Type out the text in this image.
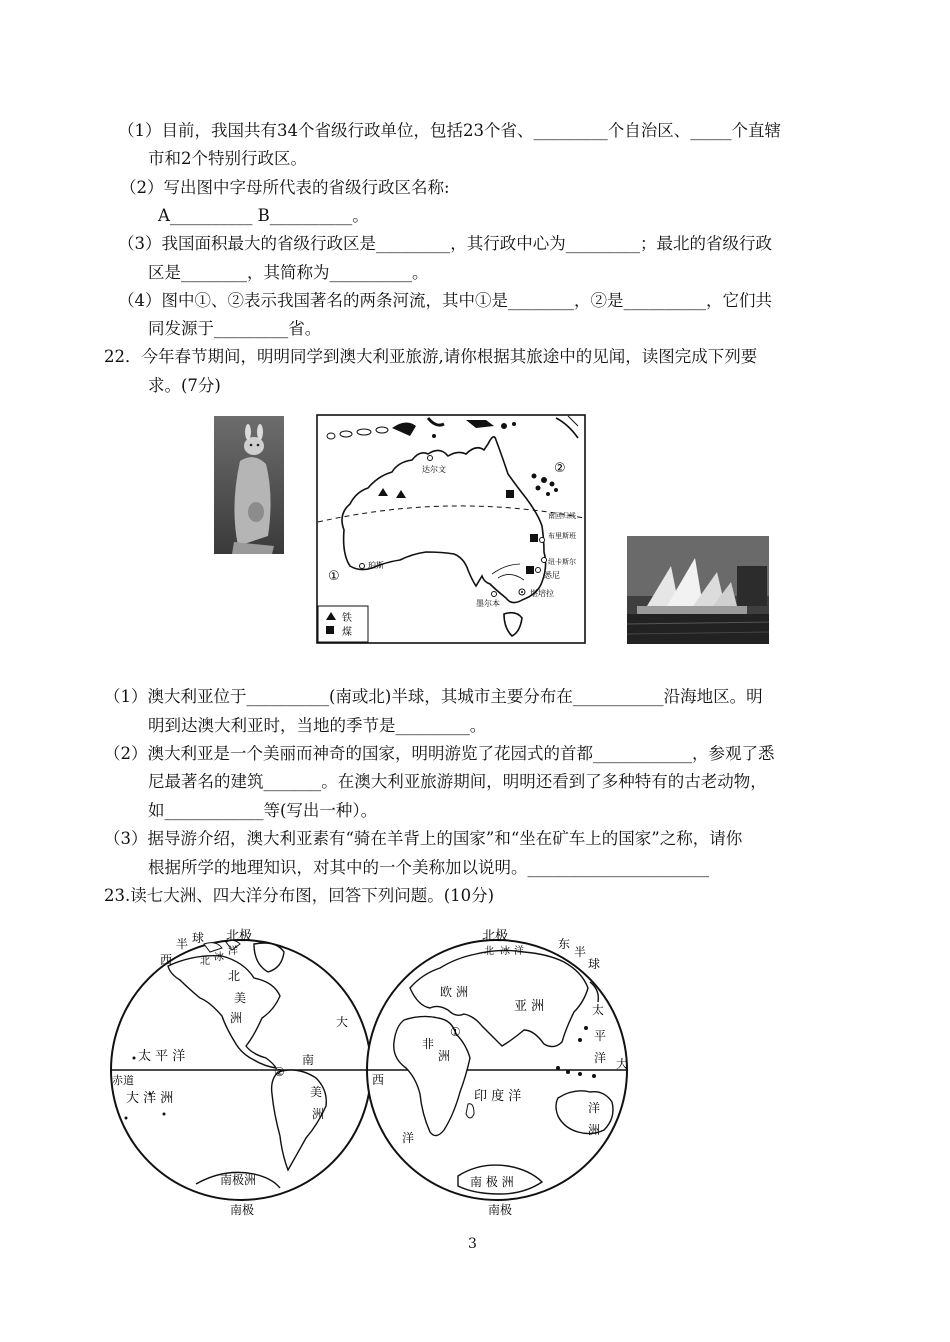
（1）目前，我国共有34个省级行政单位，包括23个省、_________个自治区、_____个直辖
市和2个特别行政区。
（2）写出图中字母所代表的省级行政区名称:
A__________ B__________。
（3）我国面积最大的省级行政区是_________，其行政中心为_________；最北的省级行政
区是________，其简称为__________。
（4）图中①、②表示我国著名的两条河流，其中①是________，②是__________，它们共
同发源于_________省。
22．今年春节期间，明明同学到澳大利亚旅游,请你根据其旅途中的见闻，读图完成下列要
求。(7分)
铁
煤
达尔文
珀斯
布里斯班
纽卡斯尔
悉尼
墨尔本
堪培拉
南回归线
①
②
（1）澳大利亚位于__________(南或北)半球，其城市主要分布在___________沿海地区。明
明到达澳大利亚时，当地的季节是_________。
（2）澳大利亚是一个美丽而神奇的国家，明明游览了花园式的首都____________，参观了悉
尼最著名的建筑_______。在澳大利亚旅游期间，明明还看到了多种特有的古老动物，
如____________等(写出一种）。
（3）据导游介绍，澳大利亚素有“骑在羊背上的国家”和“坐在矿车上的国家”之称，请你
根据所学的地理知识，对其中的一个美称加以说明。______________________
23.读七大洲、四大洋分布图，回答下列问题。(10分)
北极
西
半 球
北 冰
洋
北
美
洲
太 平 洋
赤道
大 洋 洲
大
南
美
洲
②
南极洲
南极
北极	东
半
球
北 冰 洋
欧 洲
亚 洲
①
非
洲
印 度 洋
西
洋
太
平
洋 大
洋
洲
南 极 洲
南极
3
